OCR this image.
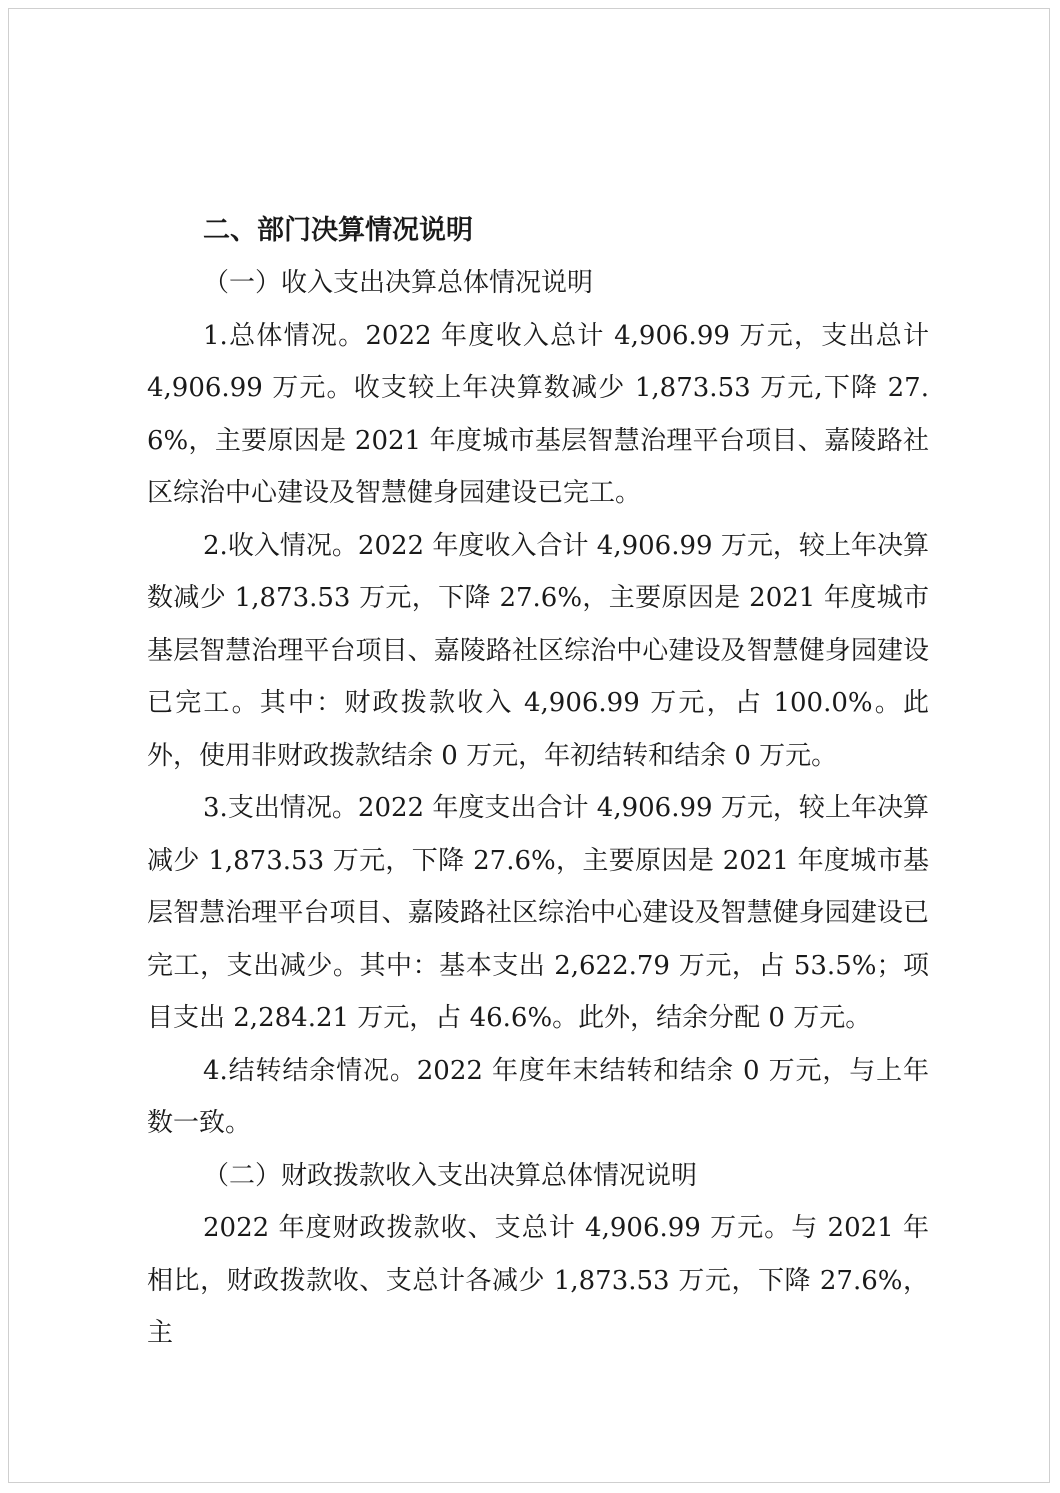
二、部门决算情况说明
（一）收入支出决算总体情况说明

1.总体情况。2022 年度收入总计 4,906.99 万元，支出总计 4,906.99 万元。收支较上年决算数减少 1,873.53 万元,下降 27.6%，主要原因是 2021 年度城市基层智慧治理平台项目、嘉陵路社区综治中心建设及智慧健身园建设已完工。

2.收入情况。2022 年度收入合计 4,906.99 万元，较上年决算数减少 1,873.53 万元，下降 27.6%，主要原因是 2021 年度城市基层智慧治理平台项目、嘉陵路社区综治中心建设及智慧健身园建设已完工。其中：财政拨款收入 4,906.99 万元，占 100.0%。此外，使用非财政拨款结余 0 万元，年初结转和结余 0 万元。

3.支出情况。2022 年度支出合计 4,906.99 万元，较上年决算减少 1,873.53 万元，下降 27.6%，主要原因是 2021 年度城市基层智慧治理平台项目、嘉陵路社区综治中心建设及智慧健身园建设已完工，支出减少。其中：基本支出 2,622.79 万元，占 53.5%；项目支出 2,284.21 万元，占 46.6%。此外，结余分配 0 万元。

4.结转结余情况。2022 年度年末结转和结余 0 万元，与上年数一致。

（二）财政拨款收入支出决算总体情况说明

2022 年度财政拨款收、支总计 4,906.99 万元。与 2021 年相比，财政拨款收、支总计各减少 1,873.53 万元，下降 27.6%，主
